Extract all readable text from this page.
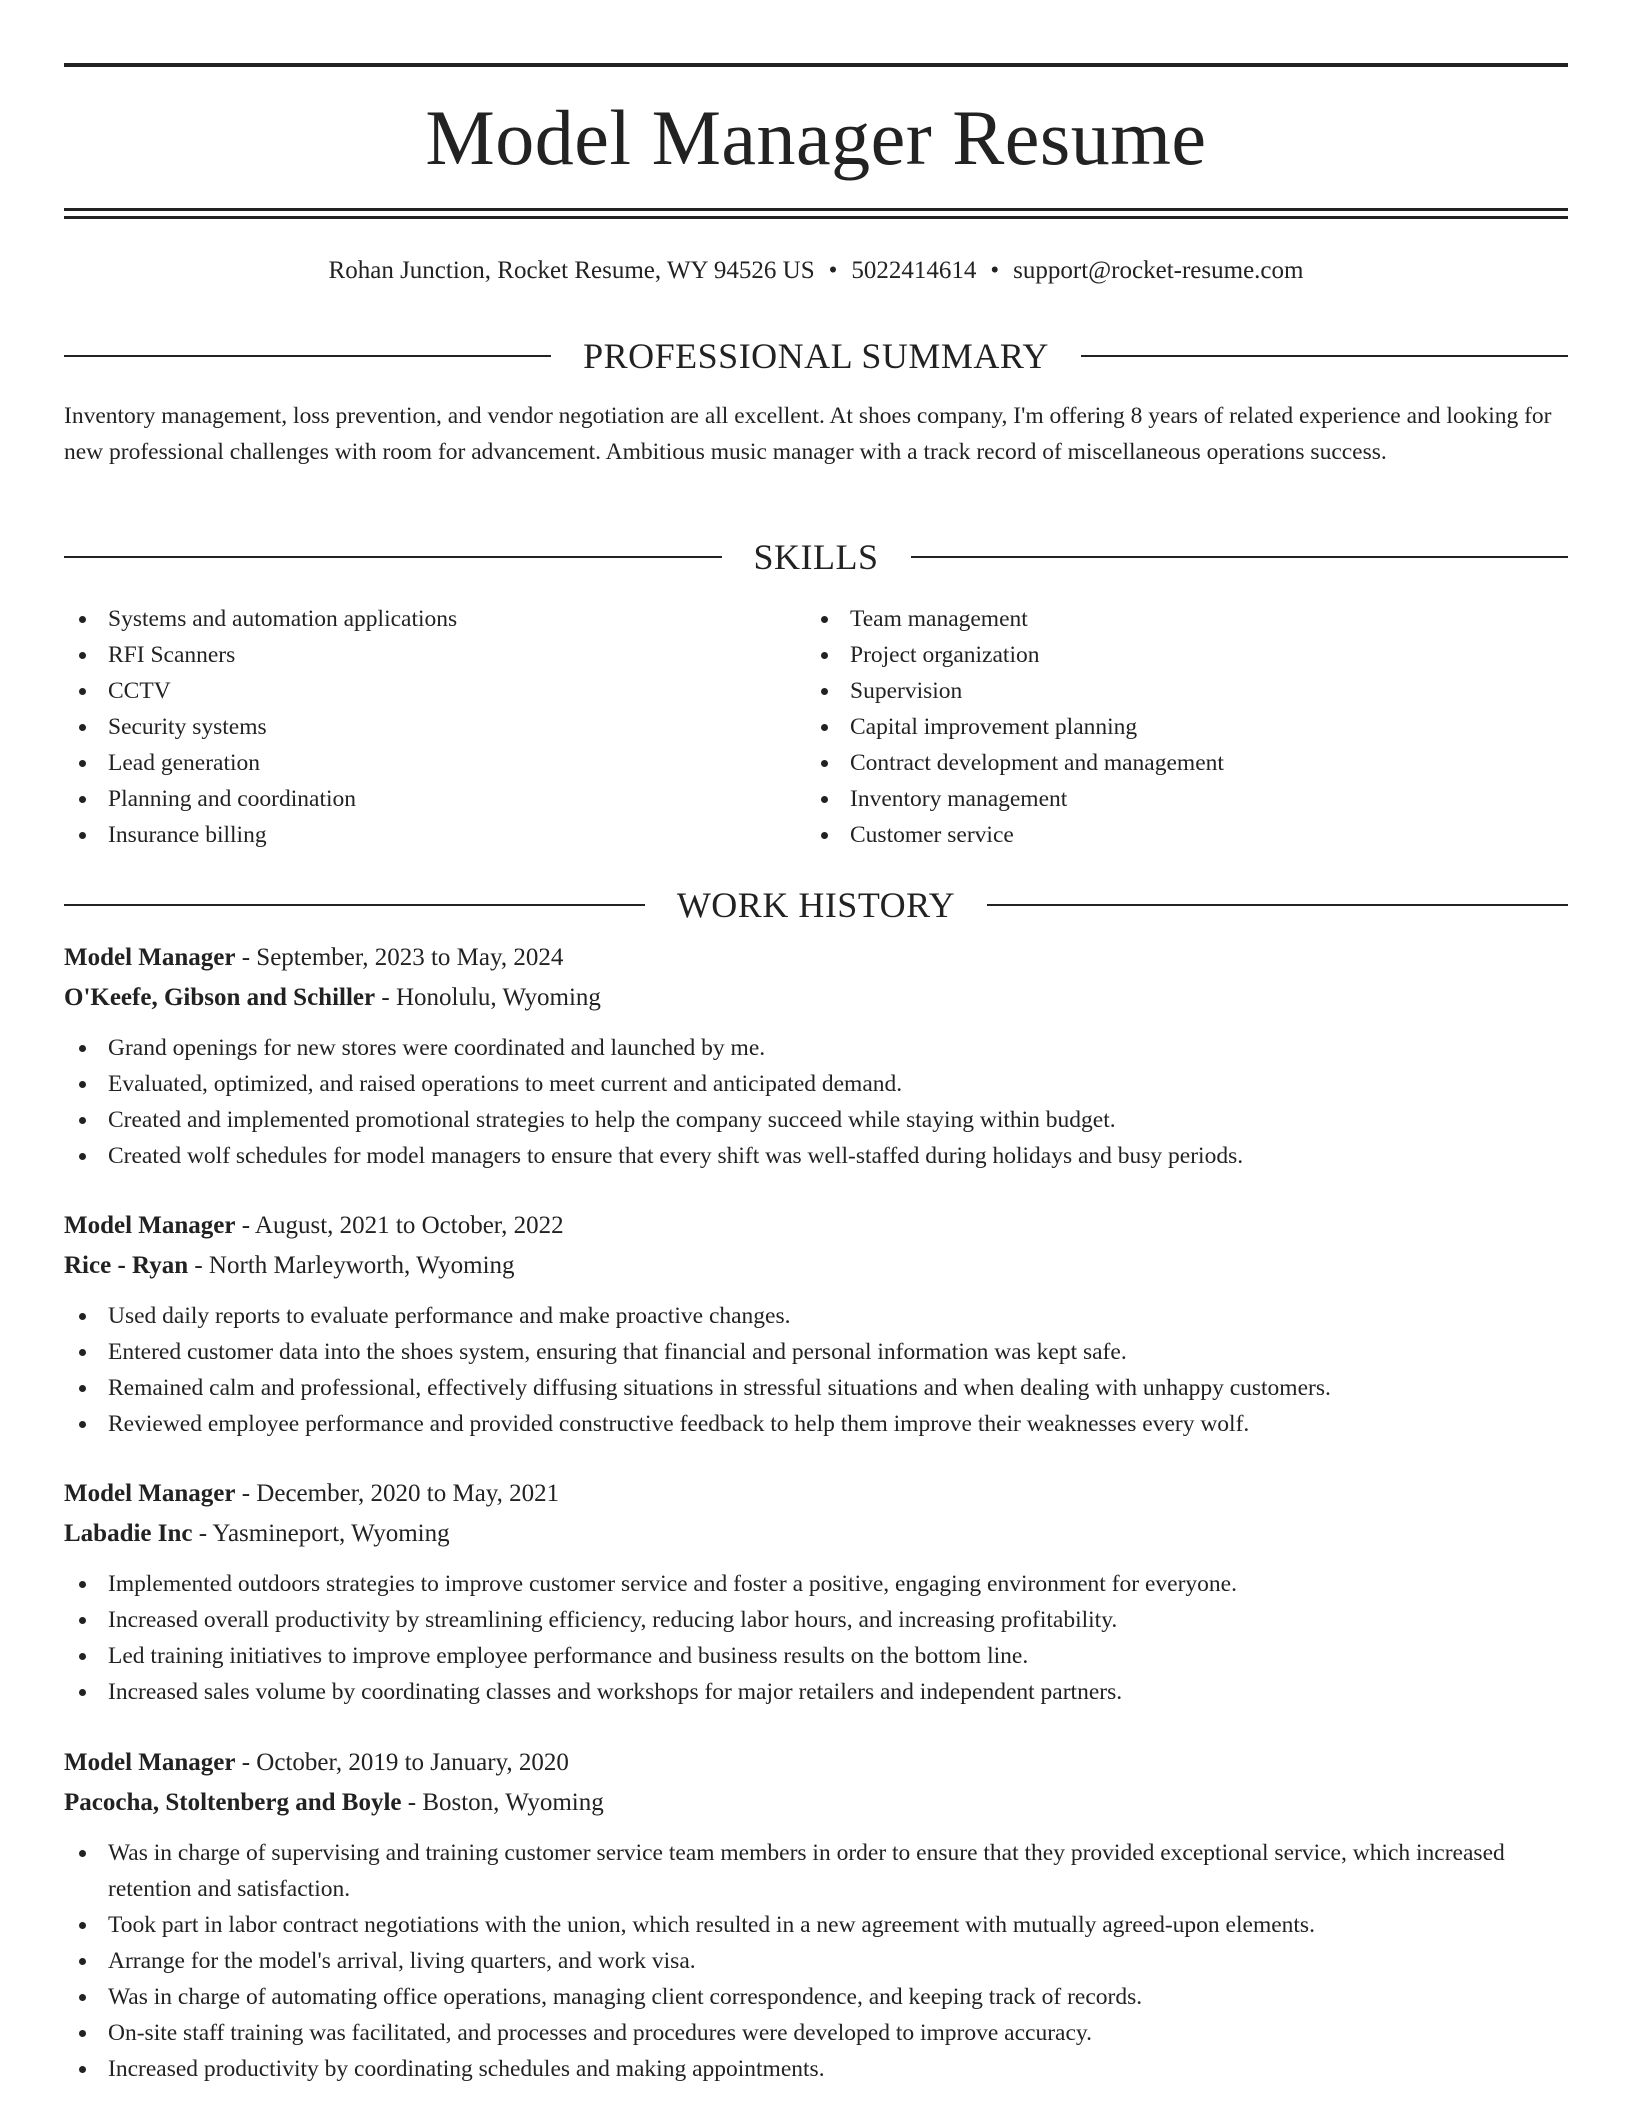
Model Manager Resume
Rohan Junction, Rocket Resume, WY 94526 US • 5022414614 • support@rocket-resume.com
PROFESSIONAL SUMMARY

Inventory management, loss prevention, and vendor negotiation are all excellent. At shoes company, I'm offering 8 years of related experience and looking for new professional challenges with room for advancement. Ambitious music manager with a track record of miscellaneous operations success.

SKILLS
Systems and automation applications
RFI Scanners
CCTV
Security systems
Lead generation
Planning and coordination
Insurance billing
Team management
Project organization
Supervision
Capital improvement planning
Contract development and management
Inventory management
Customer service
WORK HISTORY
Model Manager - September, 2023 to May, 2024
O'Keefe, Gibson and Schiller - Honolulu, Wyoming
Grand openings for new stores were coordinated and launched by me.
Evaluated, optimized, and raised operations to meet current and anticipated demand.
Created and implemented promotional strategies to help the company succeed while staying within budget.
Created wolf schedules for model managers to ensure that every shift was well-staffed during holidays and busy periods.
Model Manager - August, 2021 to October, 2022
Rice - Ryan - North Marleyworth, Wyoming
Used daily reports to evaluate performance and make proactive changes.
Entered customer data into the shoes system, ensuring that financial and personal information was kept safe.
Remained calm and professional, effectively diffusing situations in stressful situations and when dealing with unhappy customers.
Reviewed employee performance and provided constructive feedback to help them improve their weaknesses every wolf.
Model Manager - December, 2020 to May, 2021
Labadie Inc - Yasmineport, Wyoming
Implemented outdoors strategies to improve customer service and foster a positive, engaging environment for everyone.
Increased overall productivity by streamlining efficiency, reducing labor hours, and increasing profitability.
Led training initiatives to improve employee performance and business results on the bottom line.
Increased sales volume by coordinating classes and workshops for major retailers and independent partners.
Model Manager - October, 2019 to January, 2020
Pacocha, Stoltenberg and Boyle - Boston, Wyoming
Was in charge of supervising and training customer service team members in order to ensure that they provided exceptional service, which increased retention and satisfaction.
Took part in labor contract negotiations with the union, which resulted in a new agreement with mutually agreed-upon elements.
Arrange for the model's arrival, living quarters, and work visa.
Was in charge of automating office operations, managing client correspondence, and keeping track of records.
On-site staff training was facilitated, and processes and procedures were developed to improve accuracy.
Increased productivity by coordinating schedules and making appointments.
